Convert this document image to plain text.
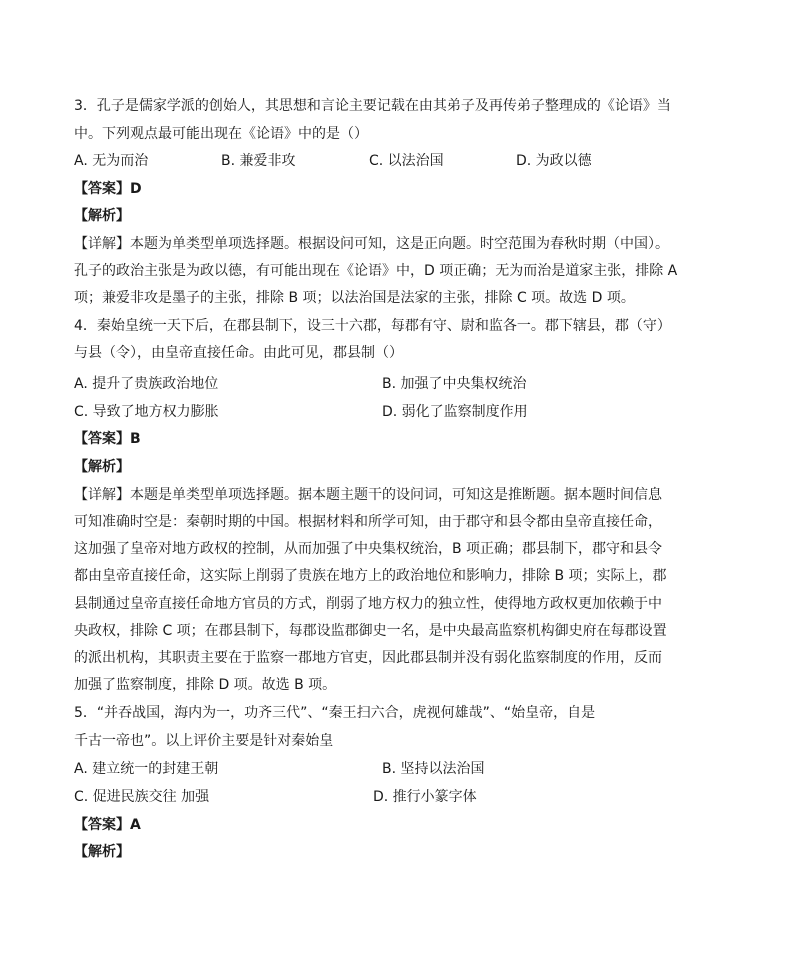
3．孔子是儒家学派的创始人，其思想和言论主要记载在由其弟子及再传弟子整理成的《论语》当

中。下列观点最可能出现在《论语》中的是（）

A. 无为而治	B. 兼爱非攻	C. 以法治国	D. 为政以德

【答案】D

【解析】

【详解】本题为单类型单项选择题。根据设问可知，这是正向题。时空范围为春秋时期（中国）。

孔子的政治主张是为政以德，有可能出现在《论语》中，D 项正确；无为而治是道家主张，排除 A

项；兼爱非攻是墨子的主张，排除 B 项；以法治国是法家的主张，排除 C 项。故选 D 项。

4．秦始皇统一天下后，在郡县制下，设三十六郡，每郡有守、尉和监各一。郡下辖县，郡（守）

与县（令），由皇帝直接任命。由此可见，郡县制（）

A. 提升了贵族政治地位	B. 加强了中央集权统治
C. 导致了地方权力膨胀	D. 弱化了监察制度作用

【答案】B

【解析】

【详解】本题是单类型单项选择题。据本题主题干的设问词，可知这是推断题。据本题时间信息

可知准确时空是：秦朝时期的中国。根据材料和所学可知，由于郡守和县令都由皇帝直接任命，

这加强了皇帝对地方政权的控制，从而加强了中央集权统治，B 项正确；郡县制下，郡守和县令

都由皇帝直接任命，这实际上削弱了贵族在地方上的政治地位和影响力，排除 B 项；实际上，郡

县制通过皇帝直接任命地方官员的方式，削弱了地方权力的独立性，使得地方政权更加依赖于中

央政权，排除 C 项；在郡县制下，每郡设监郡御史一名，是中央最高监察机构御史府在每郡设置

的派出机构，其职责主要在于监察一郡地方官吏，因此郡县制并没有弱化监察制度的作用，反而

加强了监察制度，排除 D 项。故选 B 项。

5．“并吞战国，海内为一，功齐三代”、“秦王扫六合，虎视何雄哉”、“始皇帝，自是

千古一帝也”。以上评价主要是针对秦始皇

A. 建立统一的封建王朝	B. 坚持以法治国
C. 促进民族交往 加强	D. 推行小篆字体

【答案】A

【解析】
